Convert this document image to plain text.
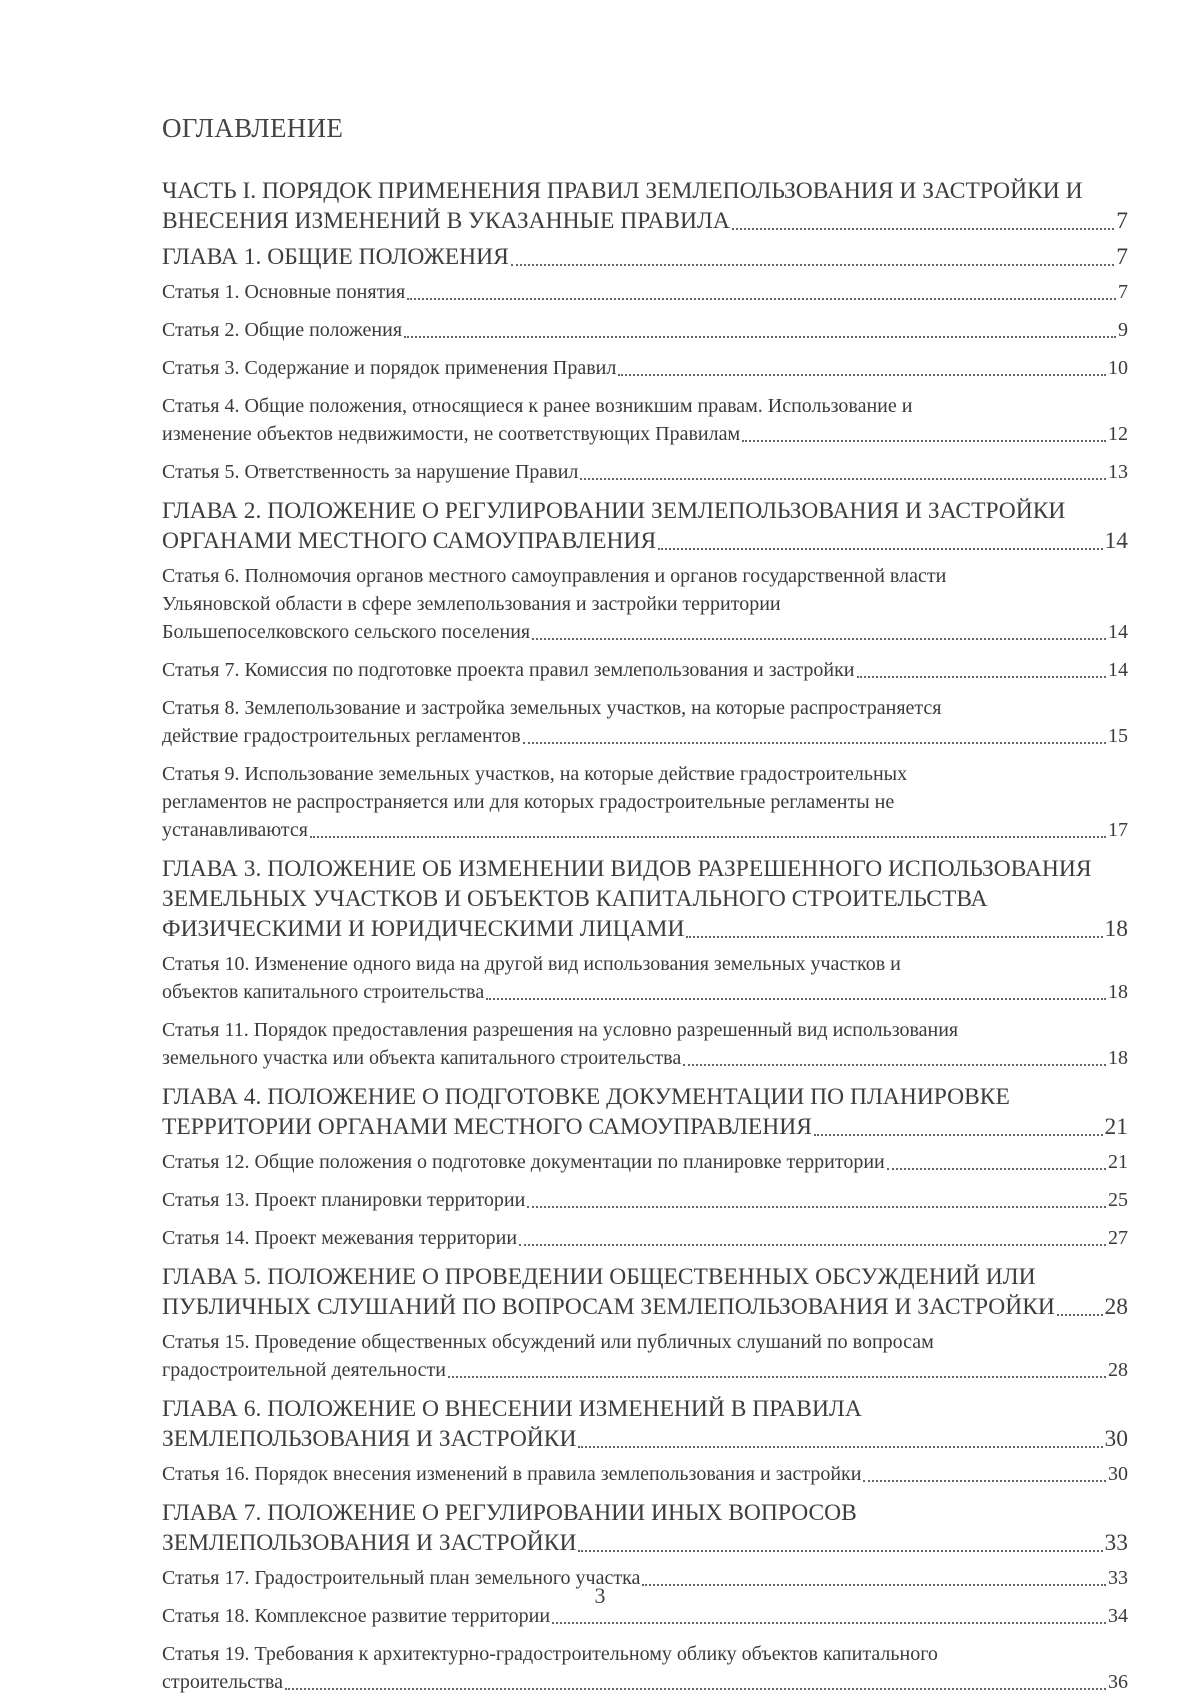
ОГЛАВЛЕНИЕ
ЧАСТЬ I. ПОРЯДОК ПРИМЕНЕНИЯ ПРАВИЛ ЗЕМЛЕПОЛЬЗОВАНИЯ И ЗАСТРОЙКИ И
ВНЕСЕНИЯ ИЗМЕНЕНИЙ В УКАЗАННЫЕ ПРАВИЛА	7
ГЛАВА 1. ОБЩИЕ ПОЛОЖЕНИЯ	7
Статья 1. Основные понятия	7
Статья 2. Общие положения	9
Статья 3. Содержание и порядок применения Правил	10
Статья 4. Общие положения, относящиеся к ранее возникшим правам. Использование и
изменение объектов недвижимости, не соответствующих Правилам	12
Статья 5. Ответственность за нарушение Правил	13
ГЛАВА 2. ПОЛОЖЕНИЕ О РЕГУЛИРОВАНИИ ЗЕМЛЕПОЛЬЗОВАНИЯ И ЗАСТРОЙКИ
ОРГАНАМИ МЕСТНОГО САМОУПРАВЛЕНИЯ	14
Статья 6. Полномочия органов местного самоуправления и органов государственной власти
Ульяновской области в сфере землепользования и застройки территории
Большепоселковского сельского поселения	14
Статья 7. Комиссия по подготовке проекта правил землепользования и застройки	14
Статья 8. Землепользование и застройка земельных участков, на которые распространяется
действие градостроительных регламентов	15
Статья 9. Использование земельных участков, на которые действие градостроительных
регламентов не распространяется или для которых градостроительные регламенты не
устанавливаются	17
ГЛАВА 3. ПОЛОЖЕНИЕ ОБ ИЗМЕНЕНИИ ВИДОВ РАЗРЕШЕННОГО ИСПОЛЬЗОВАНИЯ
ЗЕМЕЛЬНЫХ УЧАСТКОВ И ОБЪЕКТОВ КАПИТАЛЬНОГО СТРОИТЕЛЬСТВА
ФИЗИЧЕСКИМИ И ЮРИДИЧЕСКИМИ ЛИЦАМИ	18
Статья 10. Изменение одного вида на другой вид использования земельных участков и
объектов капитального строительства	18
Статья 11. Порядок предоставления разрешения на условно разрешенный вид использования
земельного участка или объекта капитального строительства	18
ГЛАВА 4. ПОЛОЖЕНИЕ О ПОДГОТОВКЕ ДОКУМЕНТАЦИИ ПО ПЛАНИРОВКЕ
ТЕРРИТОРИИ ОРГАНАМИ МЕСТНОГО САМОУПРАВЛЕНИЯ	21
Статья 12. Общие положения о подготовке документации по планировке территории	21
Статья 13. Проект планировки территории	25
Статья 14. Проект межевания территории	27
ГЛАВА 5. ПОЛОЖЕНИЕ О ПРОВЕДЕНИИ ОБЩЕСТВЕННЫХ ОБСУЖДЕНИЙ ИЛИ
ПУБЛИЧНЫХ СЛУШАНИЙ ПО ВОПРОСАМ ЗЕМЛЕПОЛЬЗОВАНИЯ И ЗАСТРОЙКИ 28
Статья 15. Проведение общественных обсуждений или публичных слушаний по вопросам
градостроительной деятельности	28
ГЛАВА 6. ПОЛОЖЕНИЕ О ВНЕСЕНИИ ИЗМЕНЕНИЙ В ПРАВИЛА
ЗЕМЛЕПОЛЬЗОВАНИЯ И ЗАСТРОЙКИ	30
Статья 16. Порядок внесения изменений в правила землепользования и застройки	30
ГЛАВА 7. ПОЛОЖЕНИЕ О РЕГУЛИРОВАНИИ ИНЫХ ВОПРОСОВ
ЗЕМЛЕПОЛЬЗОВАНИЯ И ЗАСТРОЙКИ	33
Статья 17. Градостроительный план земельного участка	33
Статья 18. Комплексное развитие территории	34
Статья 19. Требования к архитектурно-градостроительному облику объектов капитального
строительства	36
3
